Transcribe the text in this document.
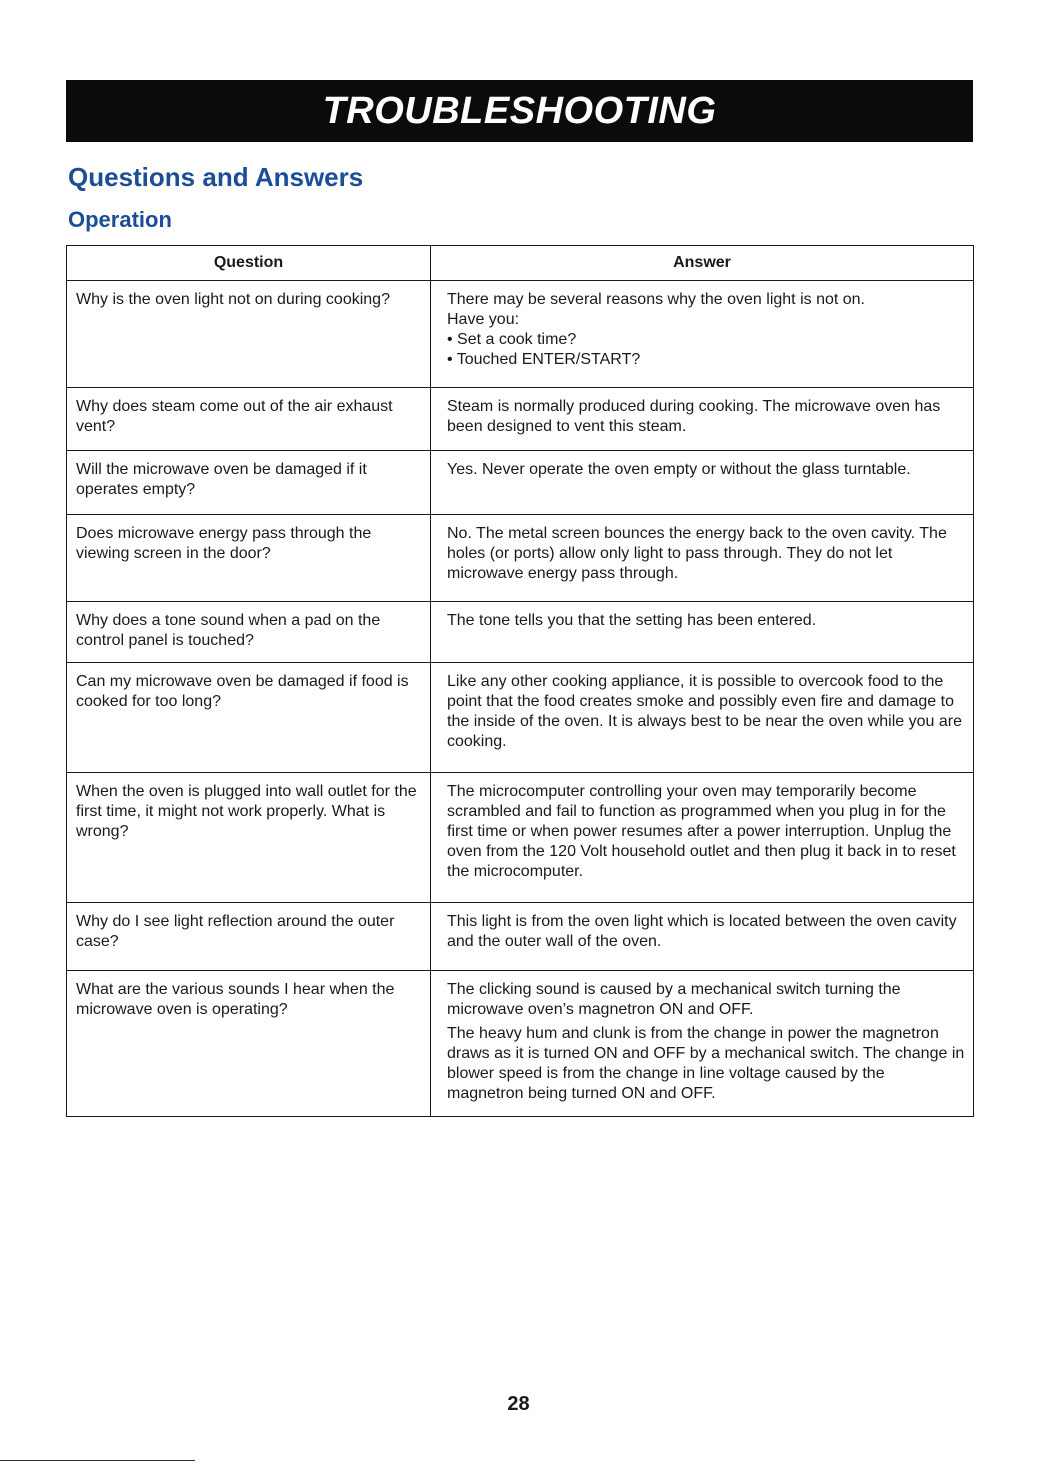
TROUBLESHOOTING
Questions and Answers
Operation
Question	Answer
Why is the oven light not on during cooking?	There may be several reasons why the oven light is not on.
Have you:
• Set a cook time?
• Touched ENTER/START?

Why does steam come out of the air exhaust vent?	Steam is normally produced during cooking. The microwave oven has been designed to vent this steam.

Will the microwave oven be damaged if it operates empty?	Yes. Never operate the oven empty or without the glass turntable.

Does microwave energy pass through the viewing screen in the door?	No. The metal screen bounces the energy back to the oven cavity. The holes (or ports) allow only light to pass through. They do not let microwave energy pass through.

Why does a tone sound when a pad on the control panel is touched?	The tone tells you that the setting has been entered.

Can my microwave oven be damaged if food is cooked for too long?	Like any other cooking appliance, it is possible to overcook food to the point that the food creates smoke and possibly even fire and damage to the inside of the oven. It is always best to be near the oven while you are cooking.

When the oven is plugged into wall outlet for the first time, it might not work properly. What is wrong?	The microcomputer controlling your oven may temporarily become scrambled and fail to function as programmed when you plug in for the first time or when power resumes after a power interruption. Unplug the oven from the 120 Volt household outlet and then plug it back in to reset the microcomputer.

Why do I see light reflection around the outer case?	This light is from the oven light which is located between the oven cavity and the outer wall of the oven.

What are the various sounds I hear when the microwave oven is operating?	The clicking sound is caused by a mechanical switch turning the microwave oven’s magnetron ON and OFF.
The heavy hum and clunk is from the change in power the magnetron draws as it is turned ON and OFF by a mechanical switch. The change in blower speed is from the change in line voltage caused by the magnetron being turned ON and OFF.
28
